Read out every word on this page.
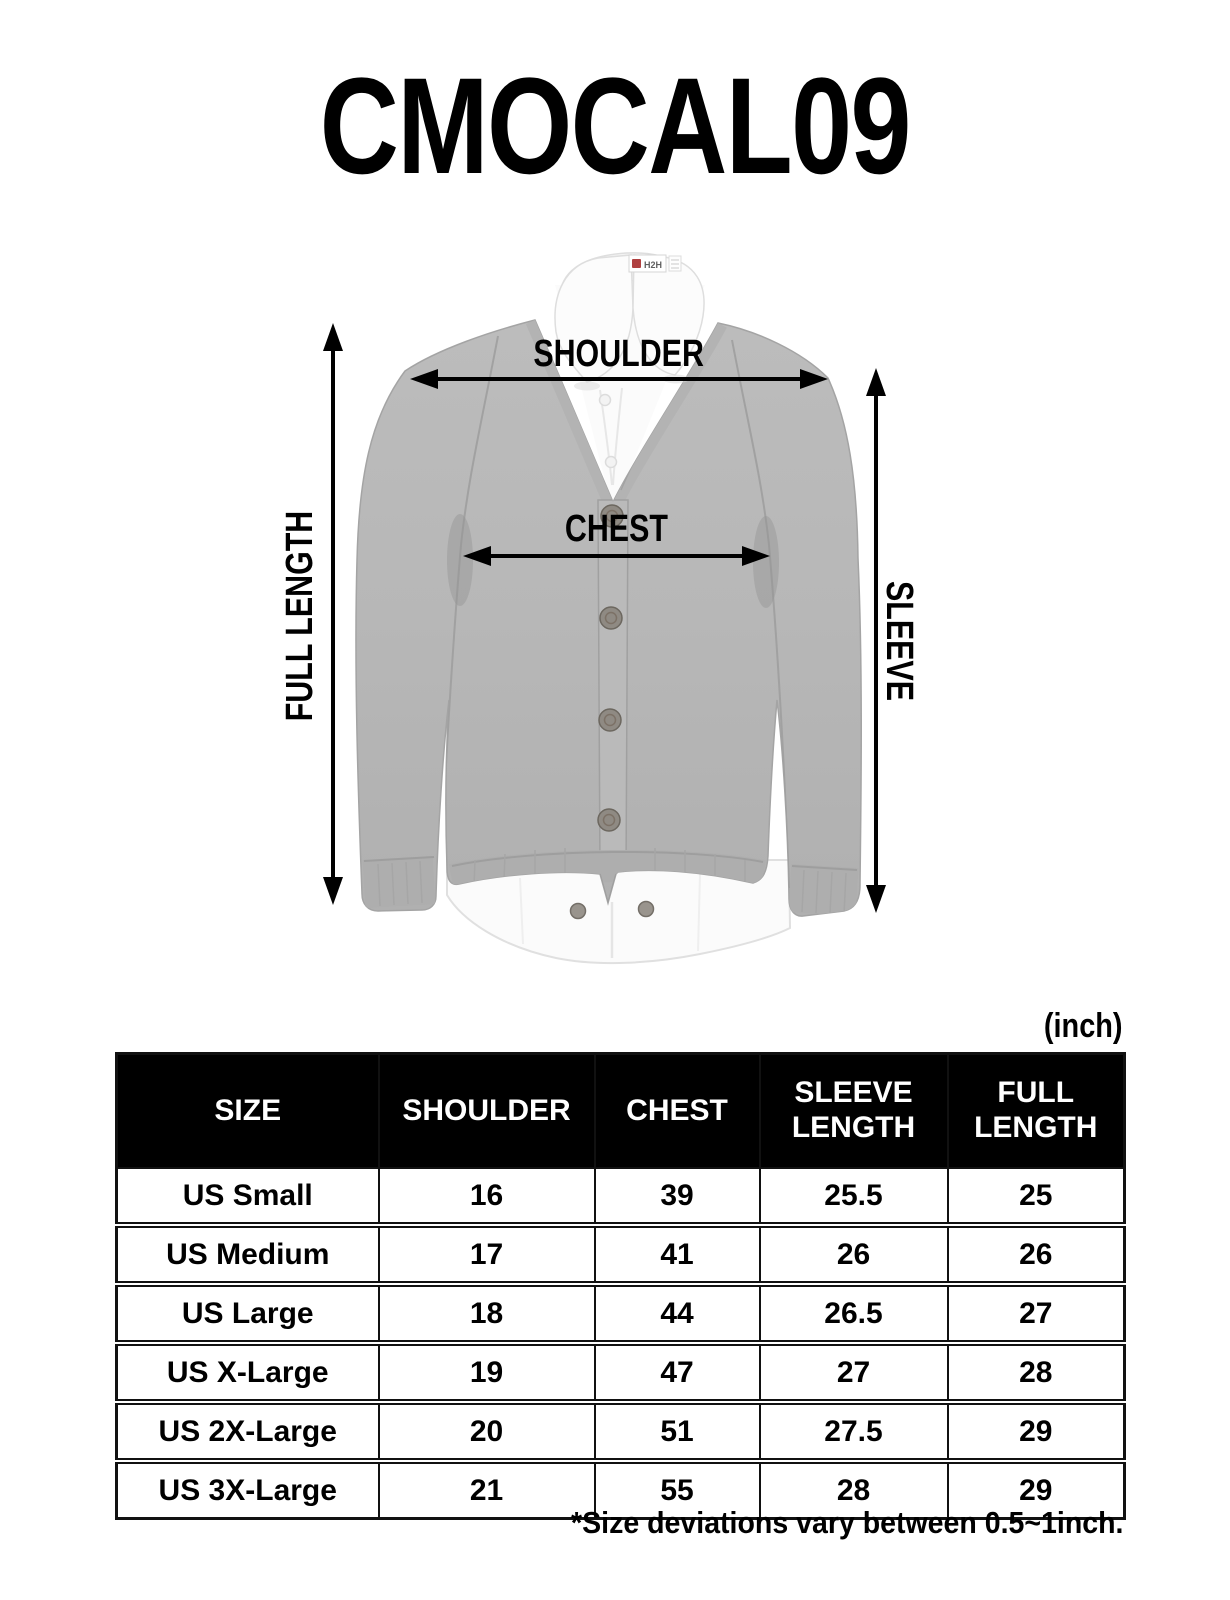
CMOCAL09
H2H
SHOULDER
CHEST
FULL LENGTH	SLEEVE
(inch)
SIZE	SHOULDER	CHEST	SLEEVE LENGTH	FULL LENGTH
US Small	16	39	25.5	25
US Medium	17	41	26	26
US Large	18	44	26.5	27
US X-Large	19	47	27	28
US 2X-Large	20	51	27.5	29
US 3X-Large	21	55	28	29
*Size deviations vary between 0.5~1inch.
